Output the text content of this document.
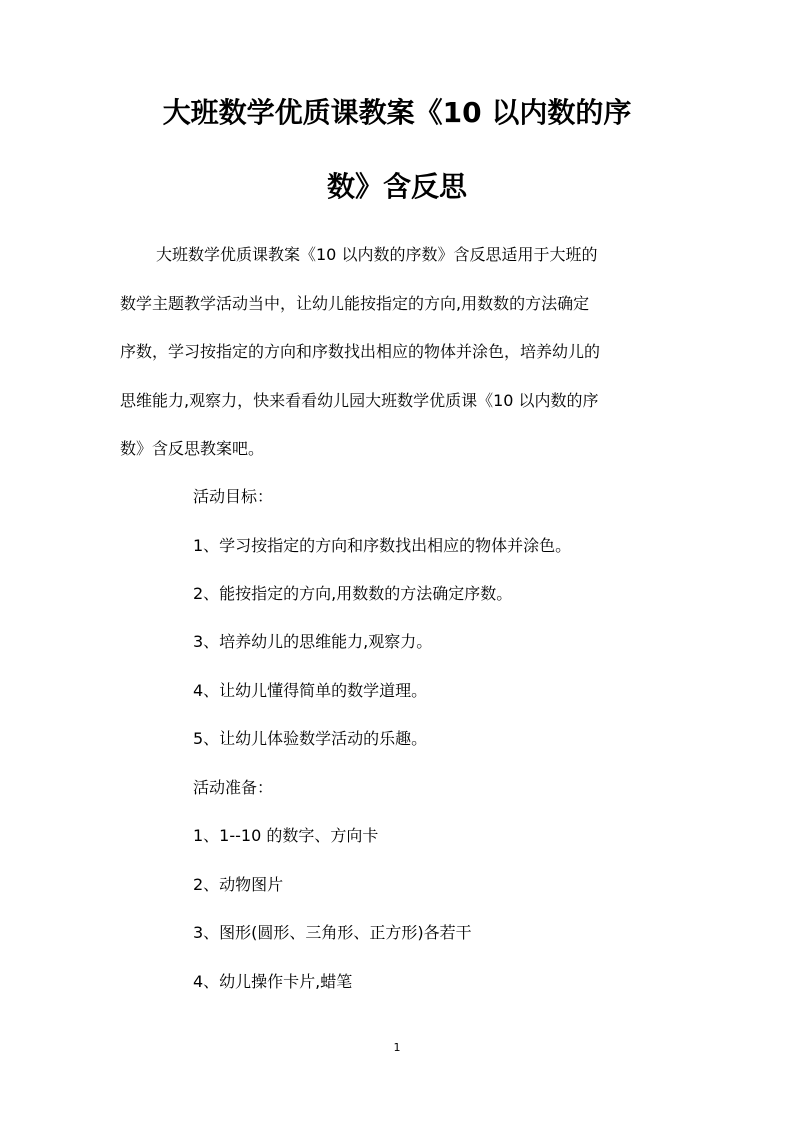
大班数学优质课教案《10 以内数的序
数》含反思

大班数学优质课教案《10 以内数的序数》含反思适用于大班的
数学主题教学活动当中，让幼儿能按指定的方向,用数数的方法确定
序数，学习按指定的方向和序数找出相应的物体并涂色，培养幼儿的
思维能力,观察力，快来看看幼儿园大班数学优质课《10 以内数的序
数》含反思教案吧。

活动目标：

1、学习按指定的方向和序数找出相应的物体并涂色。

2、能按指定的方向,用数数的方法确定序数。

3、培养幼儿的思维能力,观察力。

4、让幼儿懂得简单的数学道理。

5、让幼儿体验数学活动的乐趣。

活动准备：

1、1--10 的数字、方向卡

2、动物图片

3、图形(圆形、三角形、正方形)各若干

4、幼儿操作卡片,蜡笔

1
